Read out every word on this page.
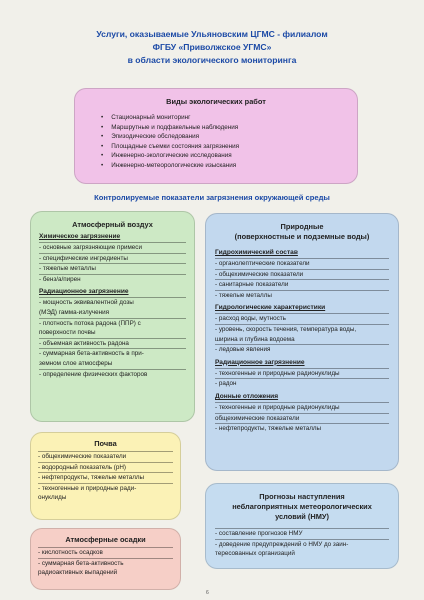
Услуги, оказываемые Ульяновским ЦГМС - филиалом
ФГБУ «Приволжское УГМС»
в области экологического мониторинга
Виды экологических работ
• Стационарный мониторинг
• Маршрутные и подфакельные наблюдения
• Эпизодические обследования
• Площадные съемки состояния загрязнения
• Инженерно-экологические исследования
• Инженерно-метеорологические изыскания
Контролируемые показатели загрязнения окружающей среды
Атмосферный воздух
Химическое загрязнение
- основные загрязняющие примеси
- специфические ингредиенты
- тяжелые металлы
- бенз/а/пирен
Радиационное загрязнение
- мощность эквивалентной дозы
(МЭД) гамма-излучения
- плотность потока радона (ППР) с
поверхности почвы
- объемная активность радона
- суммарная бета-активность в при-
земном слое атмосферы
- определение физических факторов
Почва
- общехимические показатели
- водородный показатель (pH)
- нефтепродукты, тяжелые металлы
- техногенные и природные ради-
онуклиды
Атмосферные осадки
- кислотность осадков
- суммарная бета-активность
радиоактивных выпадений
Природные
(поверхностные и подземные воды)
Гидрохимический состав
- органолептические показатели
- общехимические показатели
- санитарные показатели
- тяжелые металлы
Гидрологические характеристики
- расход воды, мутность
- уровень, скорость течения, температура воды,
ширина и глубина водоема
- ледовые явления
Радиационное загрязнение
- техногенные и природные радионуклиды
- радон
Донные отложения
- техногенные и природные радионуклиды
общехимические показатели
- нефтепродукты, тяжелые металлы
Прогнозы наступления
неблагоприятных метеорологических
условий (НМУ)
- составление прогнозов НМУ
- доведение предупреждений о НМУ до заин-
тересованных организаций
6
